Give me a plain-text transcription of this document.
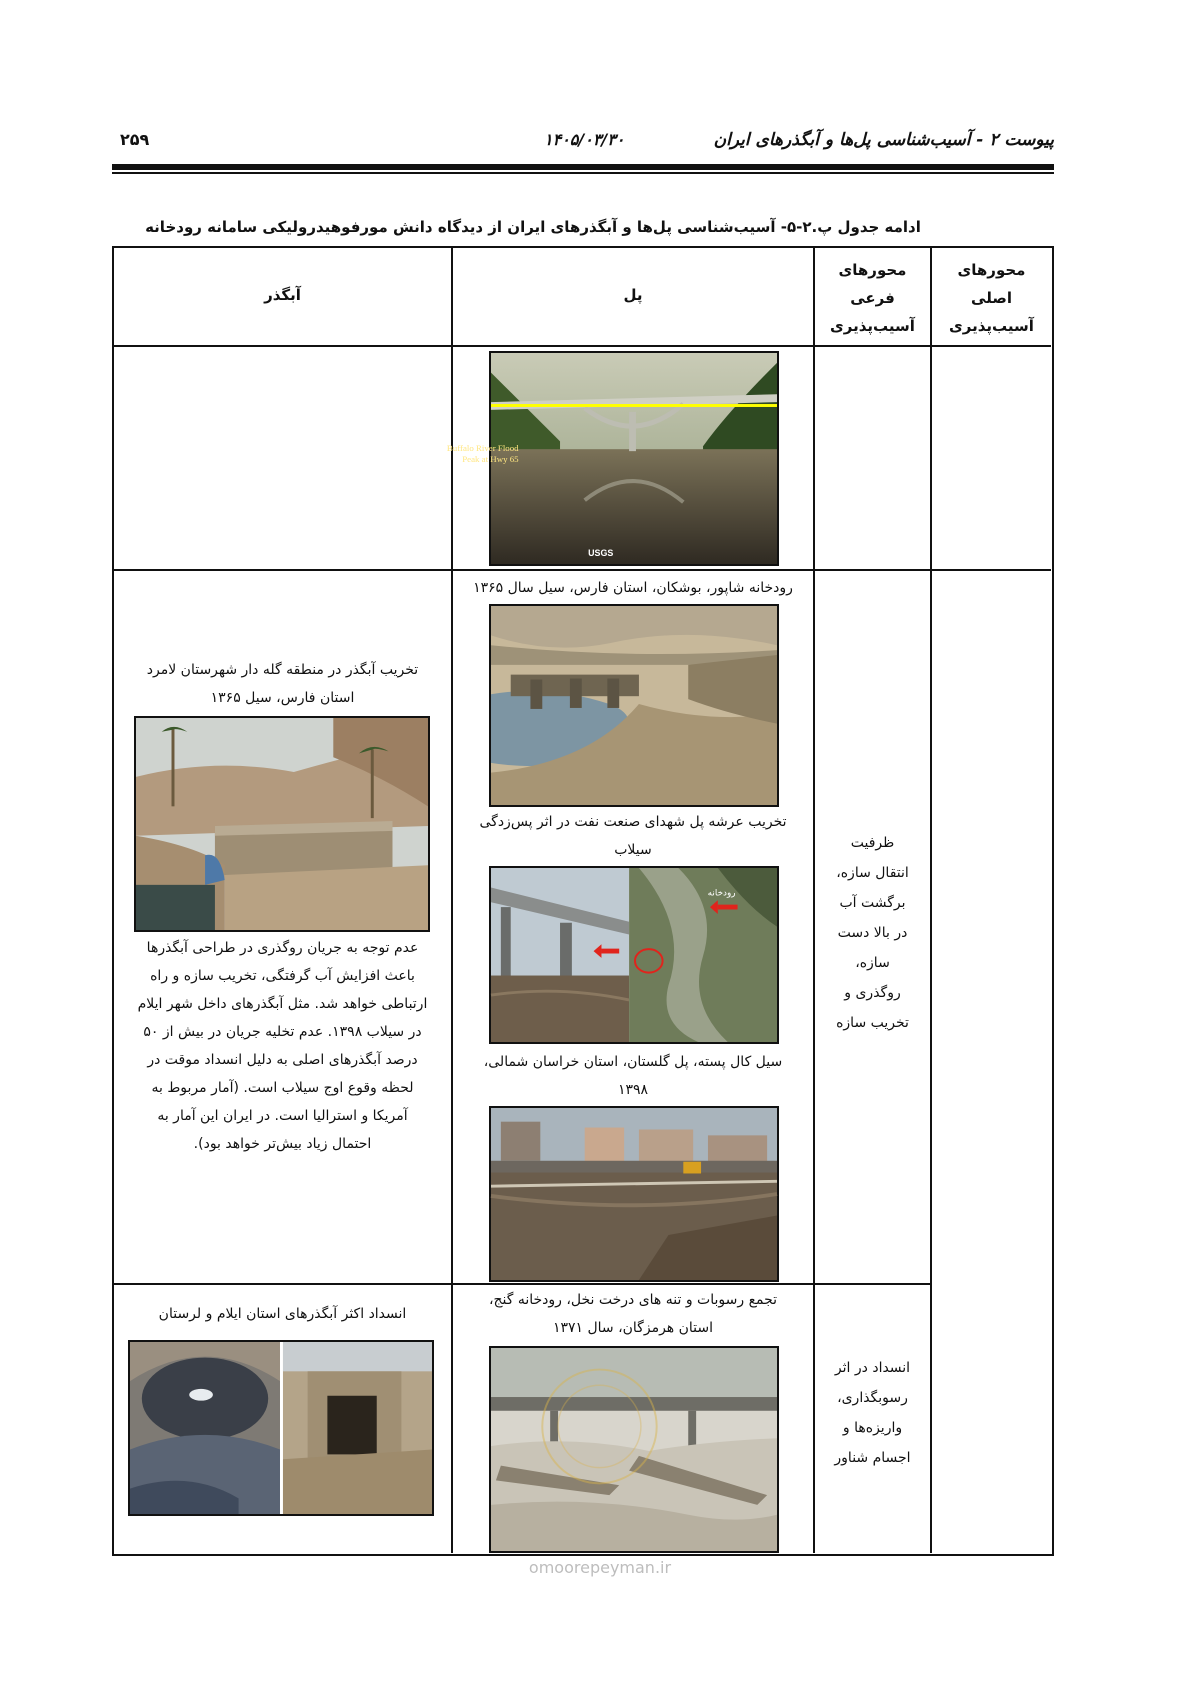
پیوست ۲ - آسیب‌شناسی پل‌ها و آبگذرهای ایران
۱۴۰۵/۰۳/۳۰
۲۵۹
ادامه جدول پ.۲-۵- آسیب‌شناسی پل‌ها و آبگذرهای ایران از دیدگاه دانش مورفوهیدرولیکی سامانه رودخانه
محورهای اصلی آسیب‌پذیری
محورهای فرعی آسیب‌پذیری
پل
آبگذر
Buffalo River Flood
Peak at Hwy 65
USGS
ظرفیت انتقال سازه، برگشت آب در بالا دست سازه، روگذری و تخریب سازه
رودخانه شاپور، بوشکان، استان فارس، سیل سال ۱۳۶۵
تخریب عرشه پل شهدای صنعت نفت در اثر پس‌زدگی سیلاب
رودخانه
سیل کال پسته، پل گلستان، استان خراسان شمالی، ۱۳۹۸
تخریب آبگذر در منطقه گله دار شهرستان لامرد استان فارس، سیل ۱۳۶۵
عدم توجه به جریان روگذری در طراحی آبگذرها باعث افزایش آب گرفتگی، تخریب سازه و راه ارتباطی خواهد شد. مثل آبگذرهای داخل شهر ایلام در سیلاب ۱۳۹۸. عدم تخلیه جریان در بیش از ۵۰ درصد آبگذرهای اصلی به دلیل انسداد موقت در لحظه وقوع اوج سیلاب است. (آمار مربوط به آمریکا و استرالیا است. در ایران این آمار به احتمال زیاد بیش‌تر خواهد بود).
انسداد در اثر رسوبگذاری، واریزه‌ها و اجسام شناور
تجمع رسوبات و تنه های درخت نخل، رودخانه گنج، استان هرمزگان، سال ۱۳۷۱
انسداد اکثر آبگذرهای استان ایلام و لرستان
omoorepeyman.ir
